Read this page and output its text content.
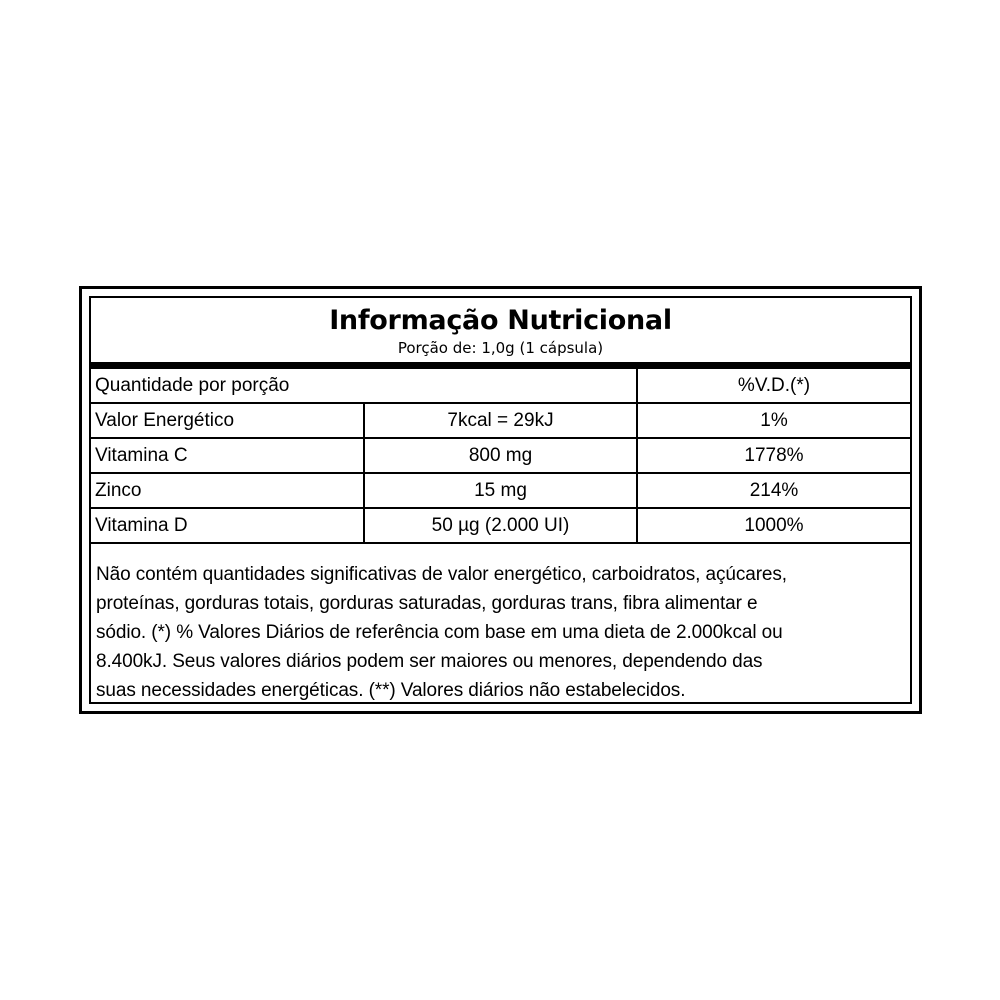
Informação Nutricional
Porção de: 1,0g (1 cápsula)
Quantidade por porção		%V.D.(*)
Valor Energético	7kcal = 29kJ	1%
Vitamina C	800 mg	1778%
Zinco	15 mg	214%
Vitamina D	50 µg (2.000 UI)	1000%
Não contém quantidades significativas de valor energético, carboidratos, açúcares,
proteínas, gorduras totais, gorduras saturadas, gorduras trans, fibra alimentar e
sódio. (*) % Valores Diários de referência com base em uma dieta de 2.000kcal ou
8.400kJ. Seus valores diários podem ser maiores ou menores, dependendo das
suas necessidades energéticas. (**) Valores diários não estabelecidos.
